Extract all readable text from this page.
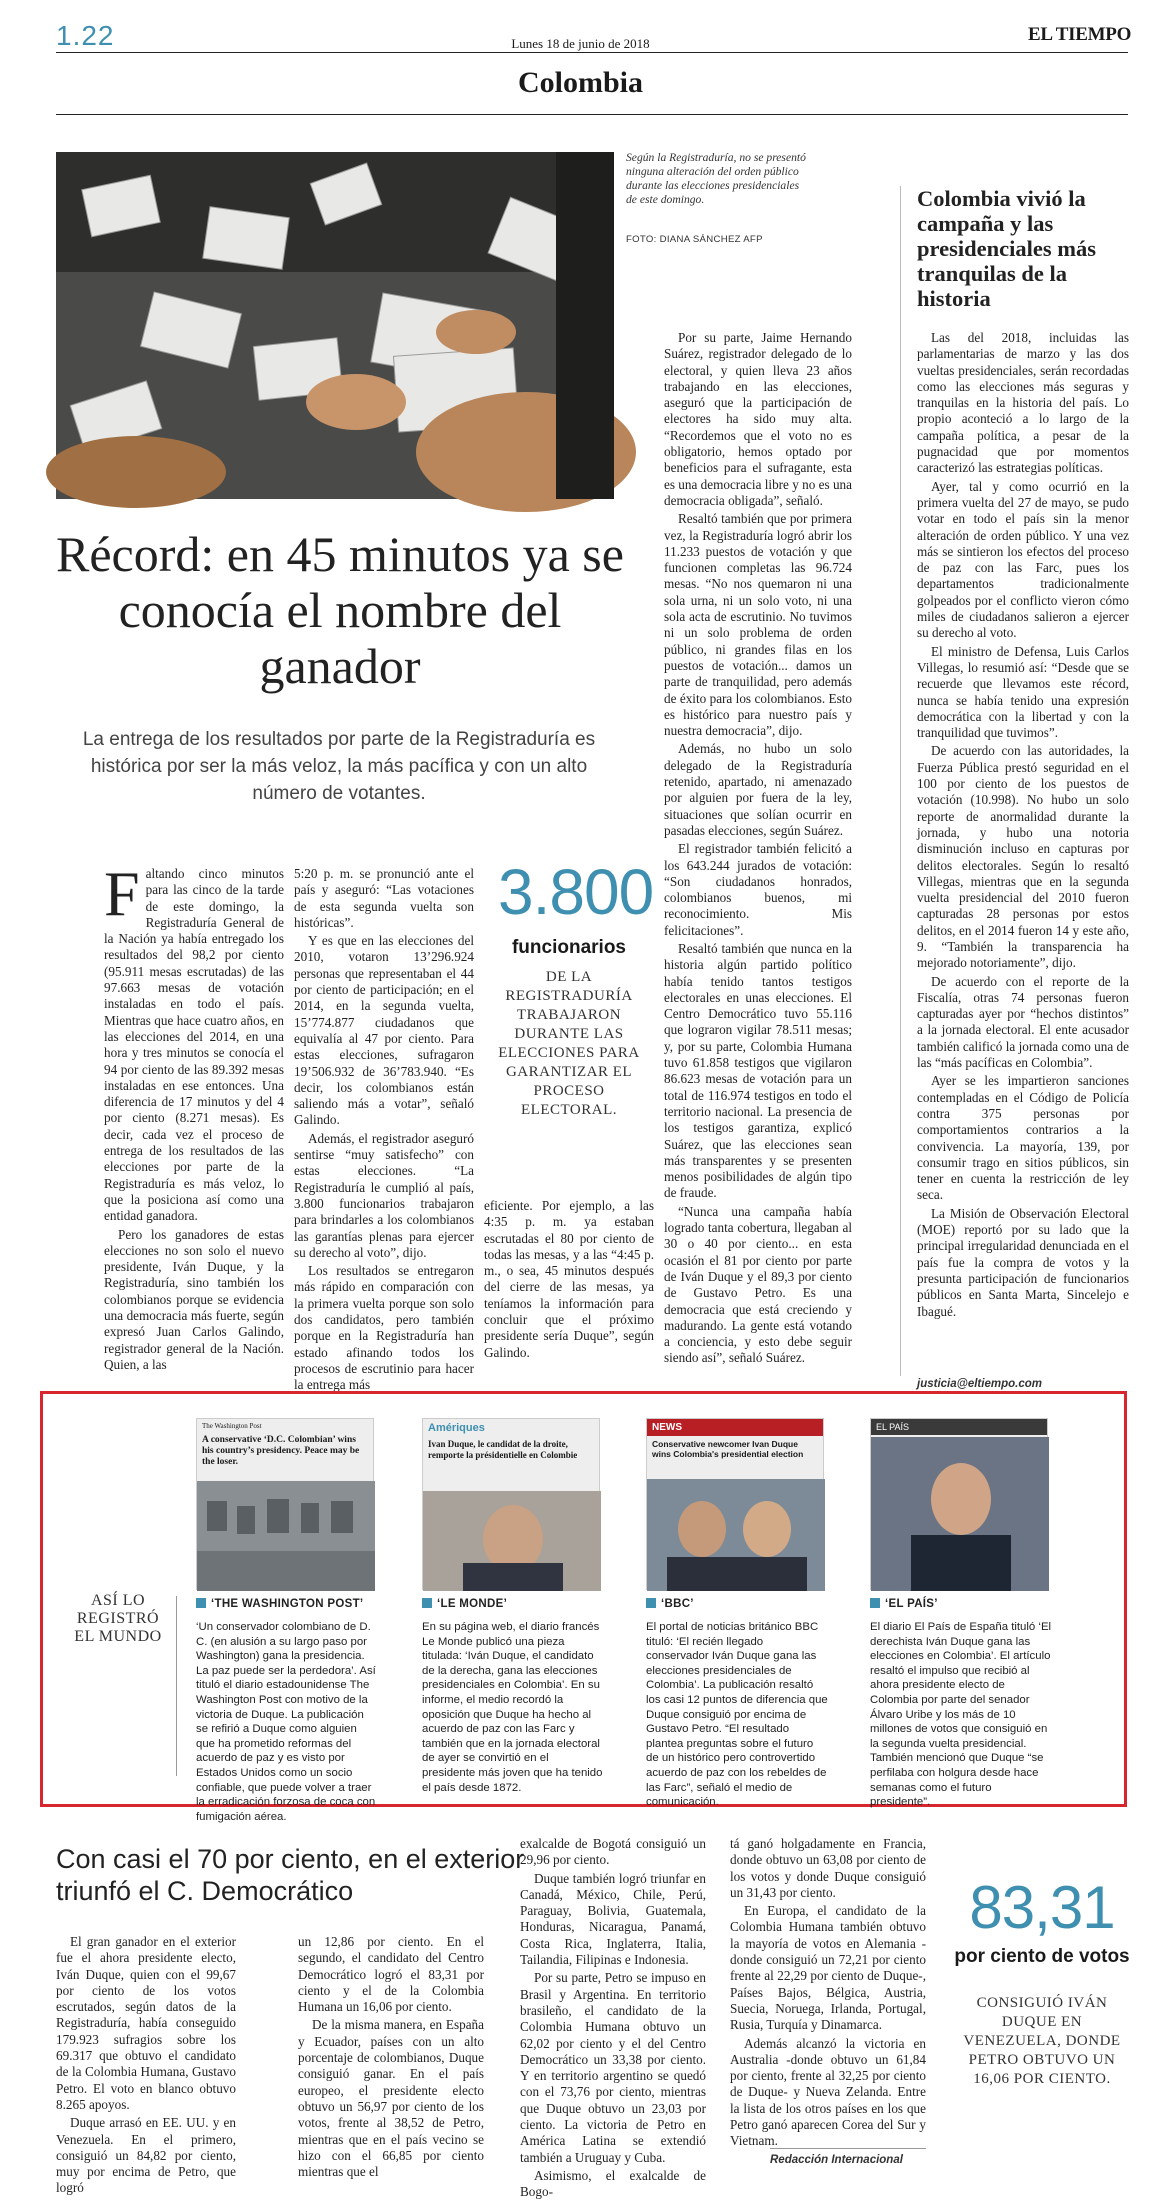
1.22	Lunes 18 de junio de 2018
Colombia
EL TIEMPO
Según la Registraduría, no se presentó ninguna alteración del orden público durante las elecciones presidenciales de este domingo.
FOTO: DIANA SÁNCHEZ AFP
Récord: en 45 minutos ya se conocía el nombre del ganador
La entrega de los resultados por parte de la Registraduría es histórica por ser la más veloz, la más pacífica y con un alto número de votantes.

Faltando cinco minutos para las cinco de la tarde de este domingo, la Registraduría General de la Nación ya había entregado los resultados del 98,2 por ciento (95.911 mesas escrutadas) de las 97.663 mesas de votación instaladas en todo el país. Mientras que hace cuatro años, en las elecciones del 2014, en una hora y tres minutos se conocía el 94 por ciento de las 89.392 mesas instaladas en ese entonces. Una diferencia de 17 minutos y del 4 por ciento (8.271 mesas). Es decir, cada vez el proceso de entrega de los resultados de las elecciones por parte de la Registraduría es más veloz, lo que la posiciona así como una entidad ganadora.

Pero los ganadores de estas elecciones no son solo el nuevo presidente, Iván Duque, y la Registraduría, sino también los colombianos porque se evidencia una democracia más fuerte, según expresó Juan Carlos Galindo, registrador general de la Nación. Quien, a las

5:20 p. m. se pronunció ante el país y aseguró: “Las votaciones de esta segunda vuelta son históricas”.

Y es que en las elecciones del 2010, votaron 13’296.924 personas que representaban el 44 por ciento de participación; en el 2014, en la segunda vuelta, 15’774.877 ciudadanos que equivalía al 47 por ciento. Para estas elecciones, sufragaron 19’506.932 de 36’783.940. “Es decir, los colombianos están saliendo más a votar”, señaló Galindo.

Además, el registrador aseguró sentirse “muy satisfecho” con estas elecciones. “La Registraduría le cumplió al país, 3.800 funcionarios trabajaron para brindarles a los colombianos las garantías plenas para ejercer su derecho al voto”, dijo.

Los resultados se entregaron más rápido en comparación con la primera vuelta porque son solo dos candidatos, pero también porque en la Registraduría han estado afinando todos los procesos de escrutinio para hacer la entrega más

3.800
funcionarios
DE LA REGISTRADURÍA TRABAJARON DURANTE LAS ELECCIONES PARA GARANTIZAR EL PROCESO ELECTORAL.

eficiente. Por ejemplo, a las 4:35 p. m. ya estaban escrutadas el 80 por ciento de todas las mesas, y a las “4:45 p. m., o sea, 45 minutos después del cierre de las mesas, ya teníamos la información para concluir que el próximo presidente sería Duque”, según Galindo.

Por su parte, Jaime Hernando Suárez, registrador delegado de lo electoral, y quien lleva 23 años trabajando en las elecciones, aseguró que la participación de electores ha sido muy alta. “Recordemos que el voto no es obligatorio, hemos optado por beneficios para el sufragante, esta es una democracia libre y no es una democracia obligada”, señaló.

Resaltó también que por primera vez, la Registraduría logró abrir los 11.233 puestos de votación y que funcionen completas las 96.724 mesas. “No nos quemaron ni una sola urna, ni un solo voto, ni una sola acta de escrutinio. No tuvimos ni un solo problema de orden público, ni grandes filas en los puestos de votación... damos un parte de tranquilidad, pero además de éxito para los colombianos. Esto es histórico para nuestro país y nuestra democracia”, dijo.

Además, no hubo un solo delegado de la Registraduría retenido, apartado, ni amenazado por alguien por fuera de la ley, situaciones que solían ocurrir en pasadas elecciones, según Suárez.

El registrador también felicitó a los 643.244 jurados de votación: “Son ciudadanos honrados, colombianos buenos, mi reconocimiento. Mis felicitaciones”.

Resaltó también que nunca en la historia algún partido político había tenido tantos testigos electorales en unas elecciones. El Centro Democrático tuvo 55.116 que lograron vigilar 78.511 mesas; y, por su parte, Colombia Humana tuvo 61.858 testigos que vigilaron 86.623 mesas de votación para un total de 116.974 testigos en todo el territorio nacional. La presencia de los testigos garantiza, explicó Suárez, que las elecciones sean más transparentes y se presenten menos posibilidades de algún tipo de fraude.

“Nunca una campaña había logrado tanta cobertura, llegaban al 30 o 40 por ciento... en esta ocasión el 81 por ciento por parte de Iván Duque y el 89,3 por ciento de Gustavo Petro. Es una democracia que está creciendo y madurando. La gente está votando a conciencia, y esto debe seguir siendo así”, señaló Suárez.

Colombia vivió la campaña y las presidenciales más tranquilas de la historia

Las del 2018, incluidas las parlamentarias de marzo y las dos vueltas presidenciales, serán recordadas como las elecciones más seguras y tranquilas en la historia del país. Lo propio aconteció a lo largo de la campaña política, a pesar de la pugnacidad que por momentos caracterizó las estrategias políticas.

Ayer, tal y como ocurrió en la primera vuelta del 27 de mayo, se pudo votar en todo el país sin la menor alteración de orden público. Y una vez más se sintieron los efectos del proceso de paz con las Farc, pues los departamentos tradicionalmente golpeados por el conflicto vieron cómo miles de ciudadanos salieron a ejercer su derecho al voto.

El ministro de Defensa, Luis Carlos Villegas, lo resumió así: “Desde que se recuerde que llevamos este récord, nunca se había tenido una expresión democrática con la libertad y con la tranquilidad que tuvimos”.

De acuerdo con las autoridades, la Fuerza Pública prestó seguridad en el 100 por ciento de los puestos de votación (10.998). No hubo un solo reporte de anormalidad durante la jornada, y hubo una notoria disminución incluso en capturas por delitos electorales. Según lo resaltó Villegas, mientras que en la segunda vuelta presidencial del 2010 fueron capturadas 28 personas por estos delitos, en el 2014 fueron 14 y este año, 9. “También la transparencia ha mejorado notoriamente”, dijo.

De acuerdo con el reporte de la Fiscalía, otras 74 personas fueron capturadas ayer por “hechos distintos” a la jornada electoral. El ente acusador también calificó la jornada como una de las “más pacíficas en Colombia”.

Ayer se les impartieron sanciones contempladas en el Código de Policía contra 375 personas por comportamientos contrarios a la convivencia. La mayoría, 139, por consumir trago en sitios públicos, sin tener en cuenta la restricción de ley seca.

La Misión de Observación Electoral (MOE) reportó por su lado que la principal irregularidad denunciada en el país fue la compra de votos y la presunta participación de funcionarios públicos en Santa Marta, Sincelejo e Ibagué.

justicia@eltiempo.com
ASÍ LO REGISTRÓ EL MUNDO
The Washington Post
A conservative ‘D.C. Colombian’ wins his country’s presidency. Peace may be the loser.
Amériques
Ivan Duque, le candidat de la droite, remporte la présidentielle en Colombie
NEWS
Conservative newcomer Ivan Duque wins Colombia's presidential election
EL PAÍS
‘THE WASHINGTON POST’	‘LE MONDE’	‘BBC’	‘EL PAÍS’
‘Un conservador colombiano de D. C. (en alusión a su largo paso por Washington) gana la presidencia. La paz puede ser la perdedora’. Así tituló el diario estadounidense The Washington Post con motivo de la victoria de Duque. La publicación se refirió a Duque como alguien que ha prometido reformas del acuerdo de paz y es visto por Estados Unidos como un socio confiable, que puede volver a traer la erradicación forzosa de coca con fumigación aérea.
En su página web, el diario francés Le Monde publicó una pieza titulada: ‘Iván Duque, el candidato de la derecha, gana las elecciones presidenciales en Colombia’. En su informe, el medio recordó la oposición que Duque ha hecho al acuerdo de paz con las Farc y también que en la jornada electoral de ayer se convirtió en el presidente más joven que ha tenido el país desde 1872.
El portal de noticias británico BBC tituló: ‘El recién llegado conservador Iván Duque gana las elecciones presidenciales de Colombia’. La publicación resaltó los casi 12 puntos de diferencia que Duque consiguió por encima de Gustavo Petro. “El resultado plantea preguntas sobre el futuro de un histórico pero controvertido acuerdo de paz con los rebeldes de las Farc”, señaló el medio de comunicación.
El diario El País de España tituló ‘El derechista Iván Duque gana las elecciones en Colombia’. El artículo resaltó el impulso que recibió al ahora presidente electo de Colombia por parte del senador Álvaro Uribe y los más de 10 millones de votos que consiguió en la segunda vuelta presidencial. También mencionó que Duque “se perfilaba con holgura desde hace semanas como el futuro presidente”.
Con casi el 70 por ciento, en el exterior triunfó el C. Democrático

El gran ganador en el exterior fue el ahora presidente electo, Iván Duque, quien con el 99,67 por ciento de los votos escrutados, según datos de la Registraduría, había conseguido 179.923 sufragios sobre los 69.317 que obtuvo el candidato de la Colombia Humana, Gustavo Petro. El voto en blanco obtuvo 8.265 apoyos.

Duque arrasó en EE. UU. y en Venezuela. En el primero, consiguió un 84,82 por ciento, muy por encima de Petro, que logró

un 12,86 por ciento. En el segundo, el candidato del Centro Democrático logró el 83,31 por ciento y el de la Colombia Humana un 16,06 por ciento.

De la misma manera, en España y Ecuador, países con un alto porcentaje de colombianos, Duque consiguió ganar. En el país europeo, el presidente electo obtuvo un 56,97 por ciento de los votos, frente al 38,52 de Petro, mientras que en el país vecino se hizo con el 66,85 por ciento mientras que el

exalcalde de Bogotá consiguió un 29,96 por ciento.

Duque también logró triunfar en Canadá, México, Chile, Perú, Paraguay, Bolivia, Guatemala, Honduras, Nicaragua, Panamá, Costa Rica, Inglaterra, Italia, Tailandia, Filipinas e Indonesia.

Por su parte, Petro se impuso en Brasil y Argentina. En territorio brasileño, el candidato de la Colombia Humana obtuvo un 62,02 por ciento y el del Centro Democrático un 33,38 por ciento. Y en territorio argentino se quedó con el 73,76 por ciento, mientras que Duque obtuvo un 23,03 por ciento. La victoria de Petro en América Latina se extendió también a Uruguay y Cuba.

Asimismo, el exalcalde de Bogo-

tá ganó holgadamente en Francia, donde obtuvo un 63,08 por ciento de los votos y donde Duque consiguió un 31,43 por ciento.

En Europa, el candidato de la Colombia Humana también obtuvo la mayoría de votos en Alemania -donde consiguió un 72,21 por ciento frente al 22,29 por ciento de Duque-, Países Bajos, Bélgica, Austria, Suecia, Noruega, Irlanda, Portugal, Rusia, Turquía y Dinamarca.

Además alcanzó la victoria en Australia -donde obtuvo un 61,84 por ciento, frente al 32,25 por ciento de Duque- y Nueva Zelanda. Entre la lista de los otros países en los que Petro ganó aparecen Corea del Sur y Vietnam.

Redacción Internacional
83,31
por ciento de votos
CONSIGUIÓ IVÁN DUQUE EN VENEZUELA, DONDE PETRO OBTUVO UN 16,06 POR CIENTO.
